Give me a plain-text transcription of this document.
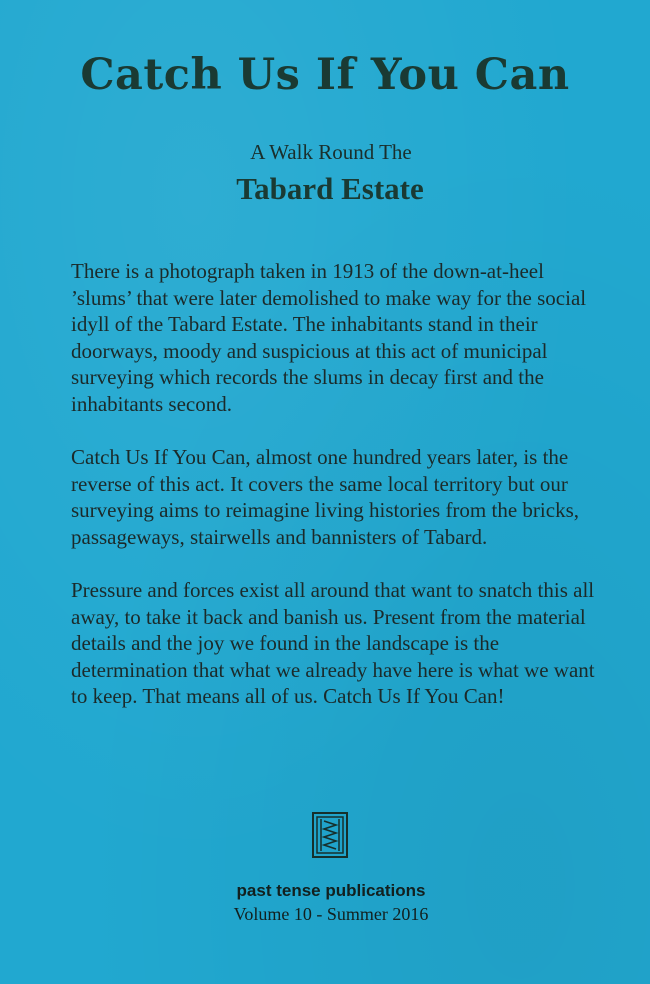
Catch Us If You Can
A Walk Round The
Tabard Estate

There is a photograph taken in 1913 of the down-at-heel ’slums’ that were later demolished to make way for the social idyll of the Tabard Estate. The inhabitants stand in their doorways, moody and suspicious at this act of municipal surveying which records the slums in decay first and the inhabitants second.

Catch Us If You Can, almost one hundred years later, is the reverse of this act. It covers the same local territory but our surveying aims to reimagine living histories from the bricks, passageways, stairwells and bannisters of Tabard.

Pressure and forces exist all around that want to snatch this all away, to take it back and banish us. Present from the material details and the joy we found in the landscape is the determination that what we already have here is what we want to keep. That means all of us. Catch Us If You Can!

past tense publications
Volume 10 - Summer 2016
